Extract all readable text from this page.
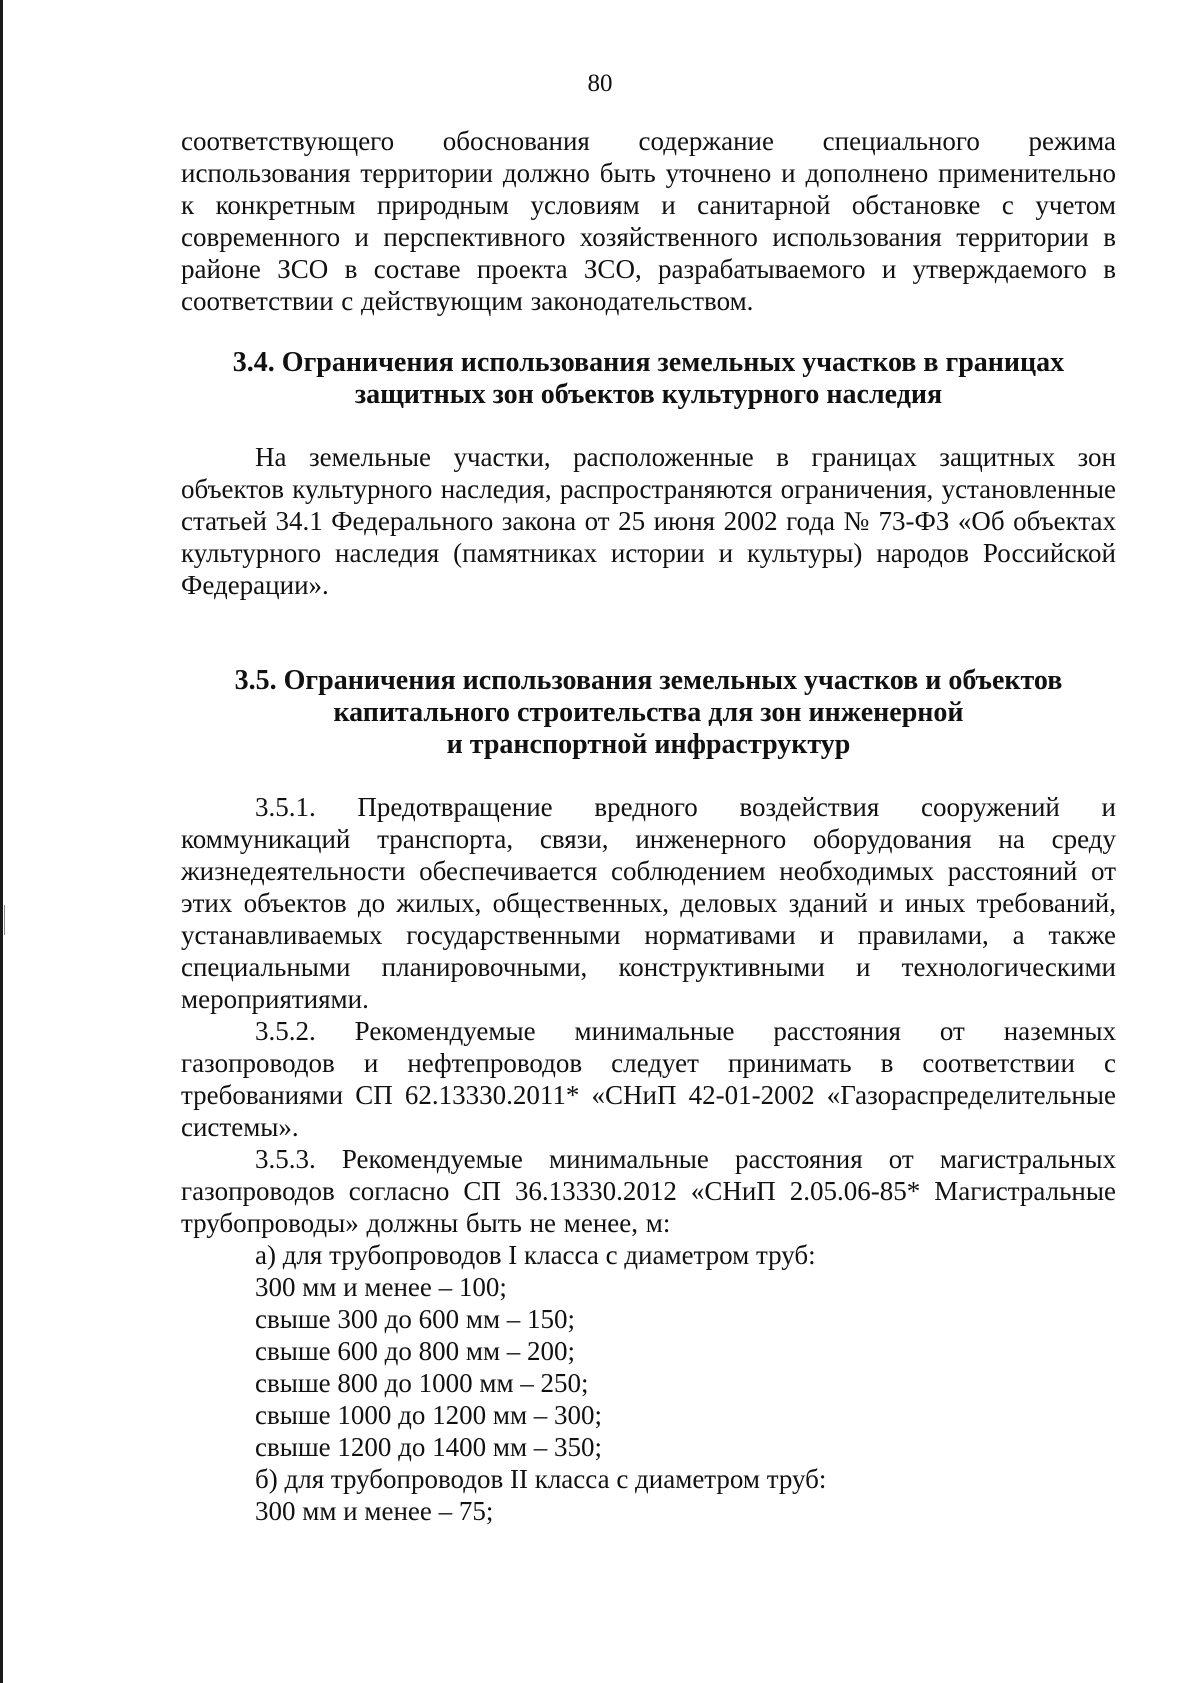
80

соответствующего обоснования содержание специального режима использования территории должно быть уточнено и дополнено применительно к конкретным природным условиям и санитарной обстановке с учетом современного и перспективного хозяйственного использования территории в районе ЗСО в составе проекта ЗСО, разрабатываемого и утверждаемого в соответствии с действующим законодательством.

3.4. Ограничения использования земельных участков в границах
защитных зон объектов культурного наследия

На земельные участки, расположенные в границах защитных зон объектов культурного наследия, распространяются ограничения, установленные статьей 34.1 Федерального закона от 25 июня 2002 года № 73-ФЗ «Об объектах культурного наследия (памятниках истории и культуры) народов Российской Федерации».

3.5. Ограничения использования земельных участков и объектов
капитального строительства для зон инженерной
и транспортной инфраструктур

3.5.1. Предотвращение вредного воздействия сооружений и коммуникаций транспорта, связи, инженерного оборудования на среду жизнедеятельности обеспечивается соблюдением необходимых расстояний от этих объектов до жилых, общественных, деловых зданий и иных требований, устанавливаемых государственными нормативами и правилами, а также специальными планировочными, конструктивными и технологическими мероприятиями.

3.5.2. Рекомендуемые минимальные расстояния от наземных газопроводов и нефтепроводов следует принимать в соответствии с требованиями СП 62.13330.2011* «СНиП 42-01-2002 «Газораспределительные системы».

3.5.3. Рекомендуемые минимальные расстояния от магистральных газопроводов согласно СП 36.13330.2012 «СНиП 2.05.06-85* Магистральные трубопроводы» должны быть не менее, м:

а) для трубопроводов I класса с диаметром труб:
300 мм и менее – 100;
свыше 300 до 600 мм – 150;
свыше 600 до 800 мм – 200;
свыше 800 до 1000 мм – 250;
свыше 1000 до 1200 мм – 300;
свыше 1200 до 1400 мм – 350;
б) для трубопроводов II класса с диаметром труб:
300 мм и менее – 75;
